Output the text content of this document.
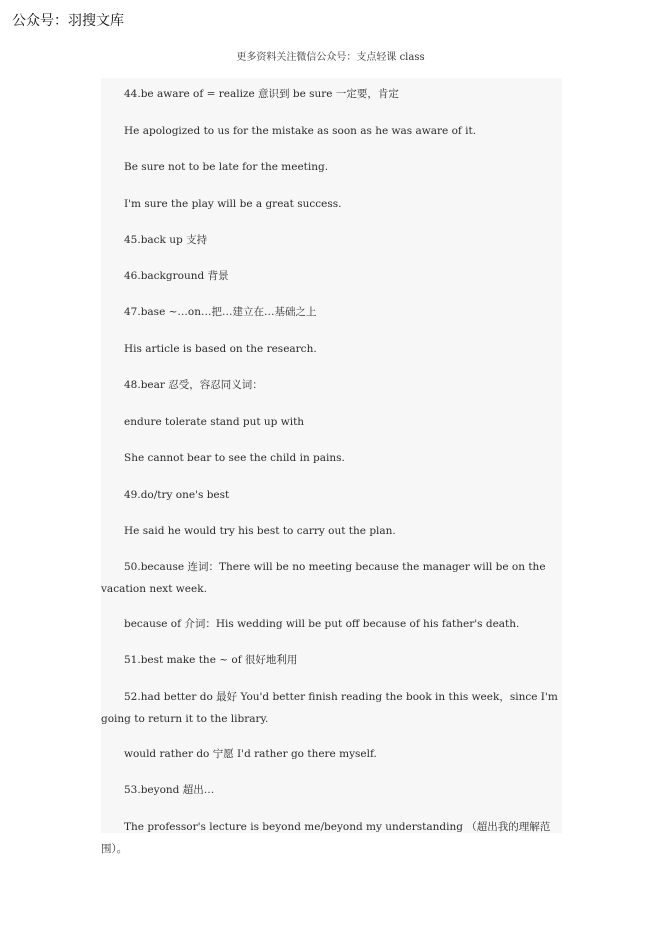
公众号：羽搜文库
更多资料关注微信公众号：支点轻课 class
44.be aware of = realize 意识到 be sure 一定要，肯定
He apologized to us for the mistake as soon as he was aware of it.
Be sure not to be late for the meeting.
I'm sure the play will be a great success.
45.back up 支持
46.background 背景
47.base ~…on…把…建立在…基础之上
His article is based on the research.
48.bear 忍受，容忍同义词：
endure tolerate stand put up with
She cannot bear to see the child in pains.
49.do/try one's best
He said he would try his best to carry out the plan.
50.because 连词：There will be no meeting because the manager will be on the vacation next week.
because of 介词：His wedding will be put off because of his father's death.
51.best make the ~ of 很好地利用
52.had better do 最好 You'd better finish reading the book in this week，since I'm going to return it to the library.
would rather do 宁愿 I'd rather go there myself.
53.beyond 超出…
The professor's lecture is beyond me/beyond my understanding （超出我的理解范围）。
